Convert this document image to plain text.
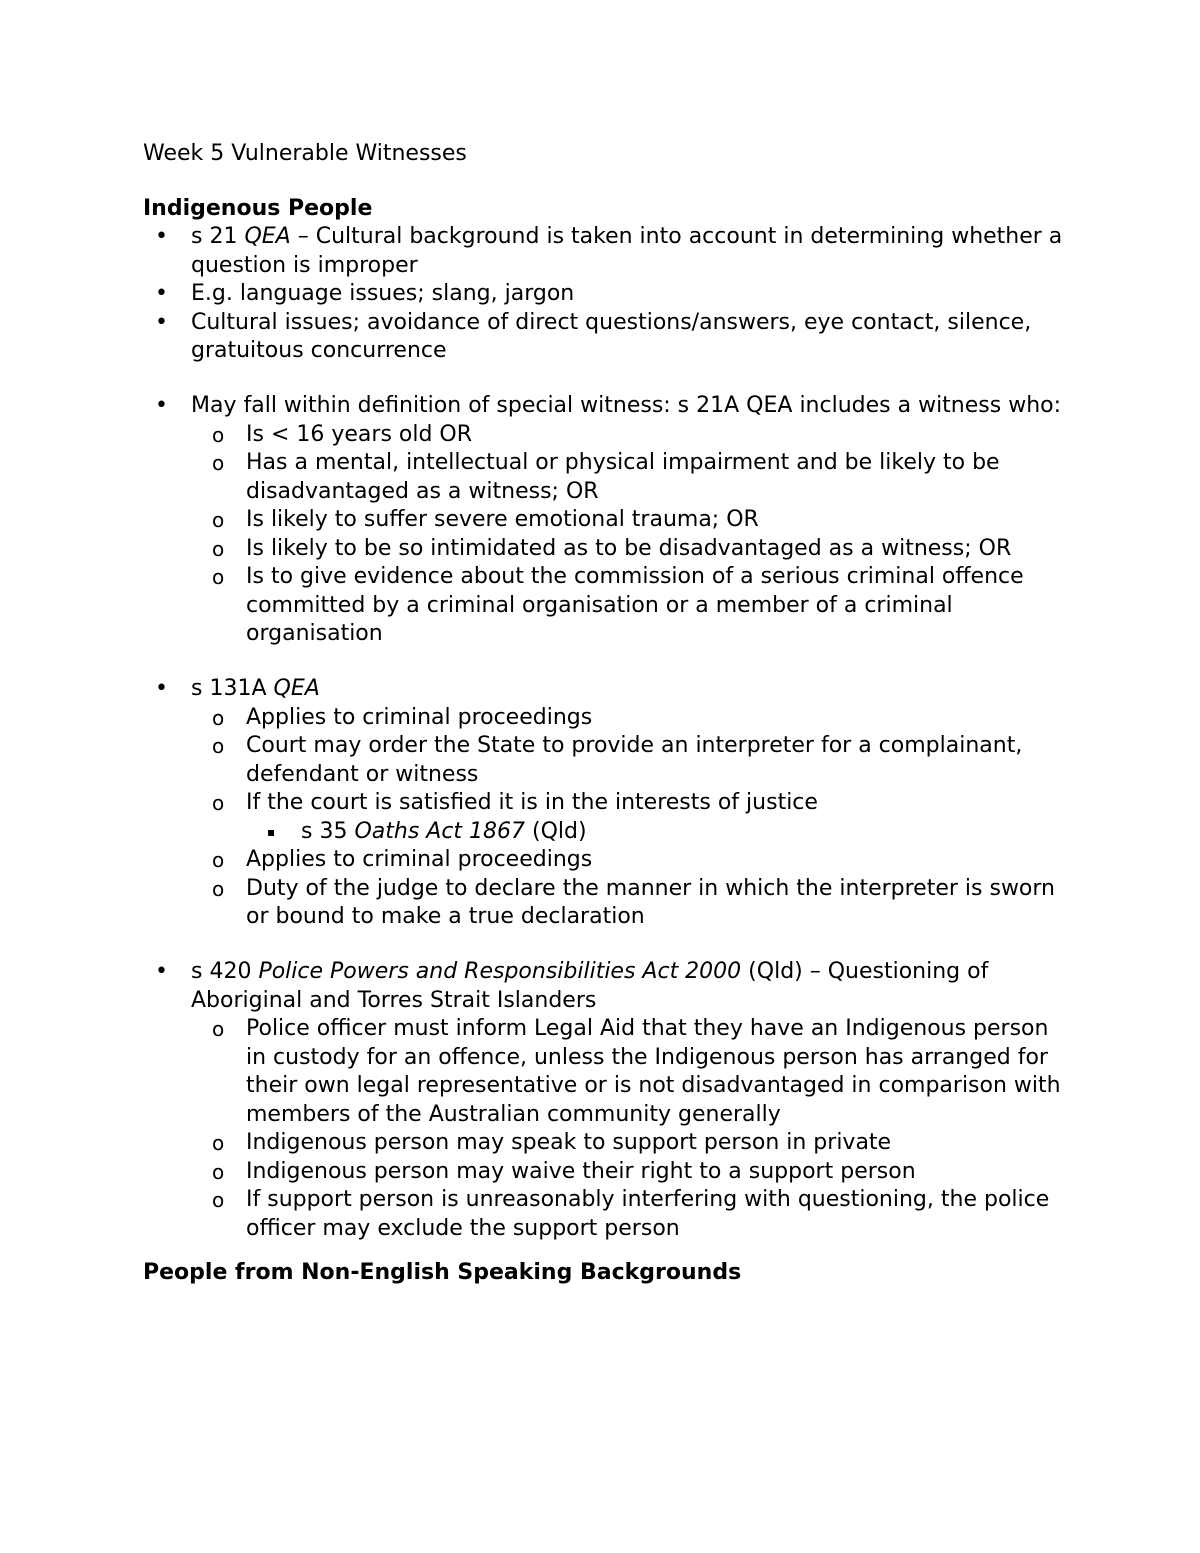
Week 5 Vulnerable Witnesses
Indigenous People
• s 21 QEA – Cultural background is taken into account in determining whether a question is improper
• E.g. language issues; slang, jargon
• Cultural issues; avoidance of direct questions/answers, eye contact, silence, gratuitous concurrence
• May fall within definition of special witness: s 21A QEA includes a witness who:
o Is < 16 years old OR
o Has a mental, intellectual or physical impairment and be likely to be disadvantaged as a witness; OR
o Is likely to suffer severe emotional trauma; OR
o Is likely to be so intimidated as to be disadvantaged as a witness; OR
o Is to give evidence about the commission of a serious criminal offence committed by a criminal organisation or a member of a criminal organisation
• s 131A QEA
o Applies to criminal proceedings
o Court may order the State to provide an interpreter for a complainant, defendant or witness
o If the court is satisfied it is in the interests of justice
▪ s 35 Oaths Act 1867 (Qld)
o Applies to criminal proceedings
o Duty of the judge to declare the manner in which the interpreter is sworn or bound to make a true declaration
• s 420 Police Powers and Responsibilities Act 2000 (Qld) – Questioning of Aboriginal and Torres Strait Islanders
o Police officer must inform Legal Aid that they have an Indigenous person in custody for an offence, unless the Indigenous person has arranged for their own legal representative or is not disadvantaged in comparison with members of the Australian community generally
o Indigenous person may speak to support person in private
o Indigenous person may waive their right to a support person
o If support person is unreasonably interfering with questioning, the police officer may exclude the support person
People from Non-English Speaking Backgrounds
